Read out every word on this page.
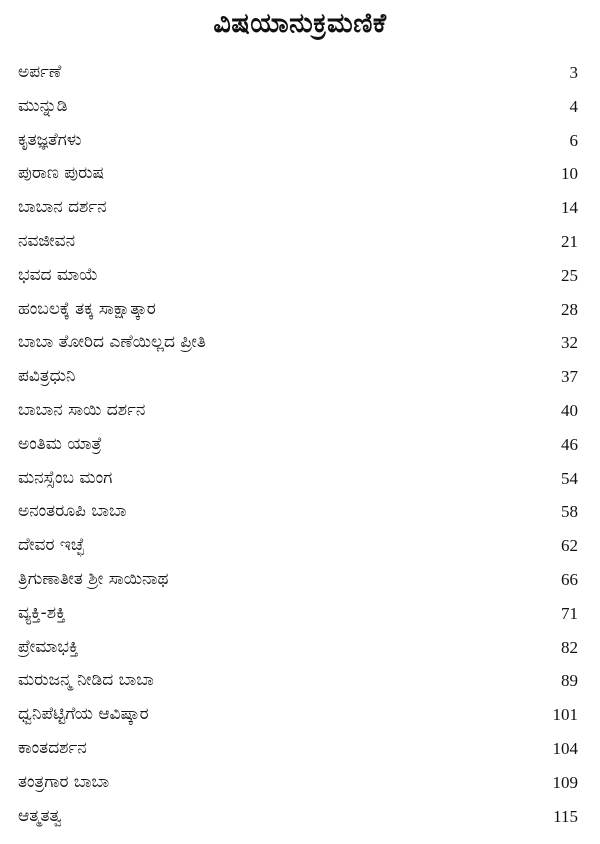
ವಿಷಯಾನುಕ್ರಮಣಿಕೆ
ಅರ್ಪಣೆ	3
ಮುನ್ನುಡಿ	4
ಕೃತಜ್ಞತೆಗಳು	6
ಪುರಾಣ ಪುರುಷ	10
ಬಾಬಾನ ದರ್ಶನ	14
ನವಜೀವನ	21
ಭವದ ಮಾಯೆ	25
ಹಂಬಲಕ್ಕೆ ತಕ್ಕ ಸಾಕ್ಷಾತ್ಕಾರ	28
ಬಾಬಾ ತೋರಿದ ಎಣೆಯಿಲ್ಲದ ಪ್ರೀತಿ	32
ಪವಿತ್ರಧುನಿ	37
ಬಾಬಾನ ಸಾಯಿ ದರ್ಶನ	40
ಅಂತಿಮ ಯಾತ್ರೆ	46
ಮನಸ್ಸೆಂಬ ಮಂಗ	54
ಅನಂತರೂಪಿ ಬಾಬಾ	58
ದೇವರ ಇಚ್ಛೆ	62
ತ್ರಿಗುಣಾತೀತ ಶ್ರೀ ಸಾಯಿನಾಥ	66
ವ್ಯಕ್ತಿ-ಶಕ್ತಿ	71
ಪ್ರೇಮಾಭಕ್ತಿ	82
ಮರುಜನ್ಮ ನೀಡಿದ ಬಾಬಾ	89
ಧ್ವನಿಪೆಟ್ಟಿಗೆಯ ಆವಿಷ್ಕಾರ	101
ಕಾಂತದರ್ಶನ	104
ತಂತ್ರಗಾರ ಬಾಬಾ	109
ಆತ್ಮತತ್ವ	115
